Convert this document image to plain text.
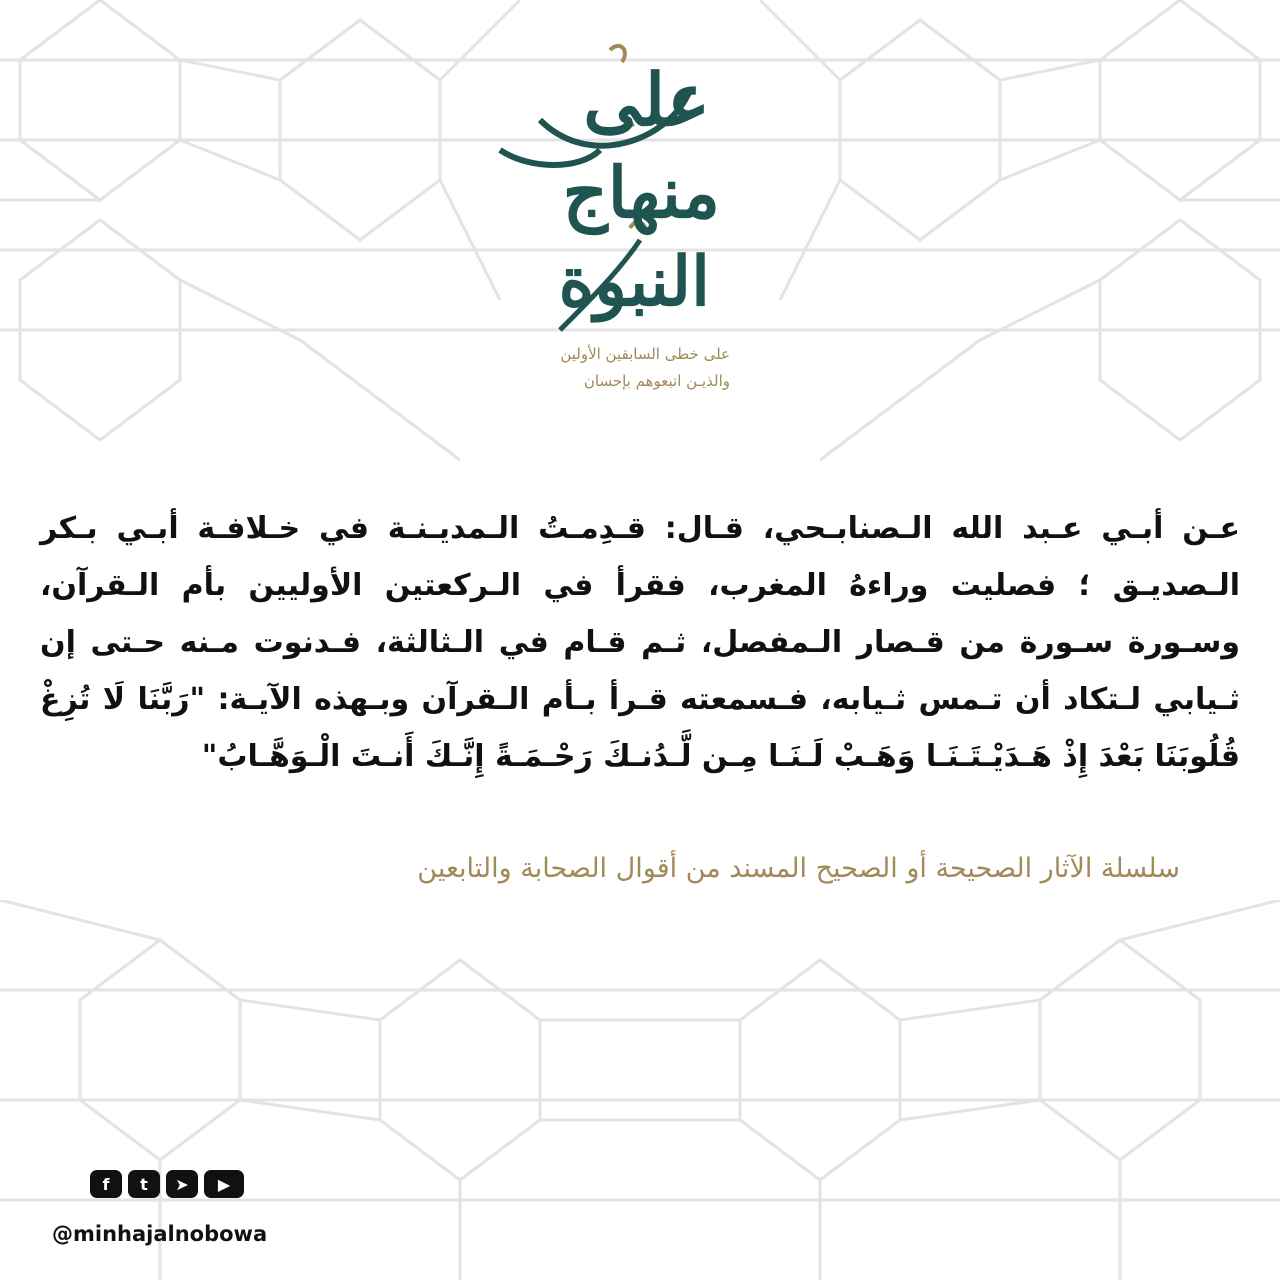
على
منهاج
النبوة
على خطى السابقين الأولين
والذيـن اتبعوهم بإحسان
عـن أبـي عـبد الله الـصنابـحي، قـال: قـدِمـتُ الـمديـنـة في خـلافـة أبـي بـكر الـصديـق ؛ فصليت وراءهُ المغرب، فقرأ في الـركعتين الأوليين بأم الـقرآن، وسـورة سـورة من قـصار الـمفصل، ثـم قـام في الـثالثة، فـدنوت مـنه حـتى إن ثـيابي لـتكاد أن تـمس ثـيابه، فـسمعته قـرأ بـأم الـقرآن وبـهذه الآيـة: "رَبَّنَا لَا تُزِغْ قُلُوبَنَا بَعْدَ إِذْ هَـدَيْـتَـنَـا وَهَـبْ لَـنَـا مِـن لَّـدُنـكَ رَحْـمَـةً إِنَّـكَ أَنـتَ الْـوَهَّـابُ"
سلسلة الآثار الصحيحة أو الصحيح المسند من أقوال الصحابة والتابعين
f	t	➤	▶
@minhajalnobowa
